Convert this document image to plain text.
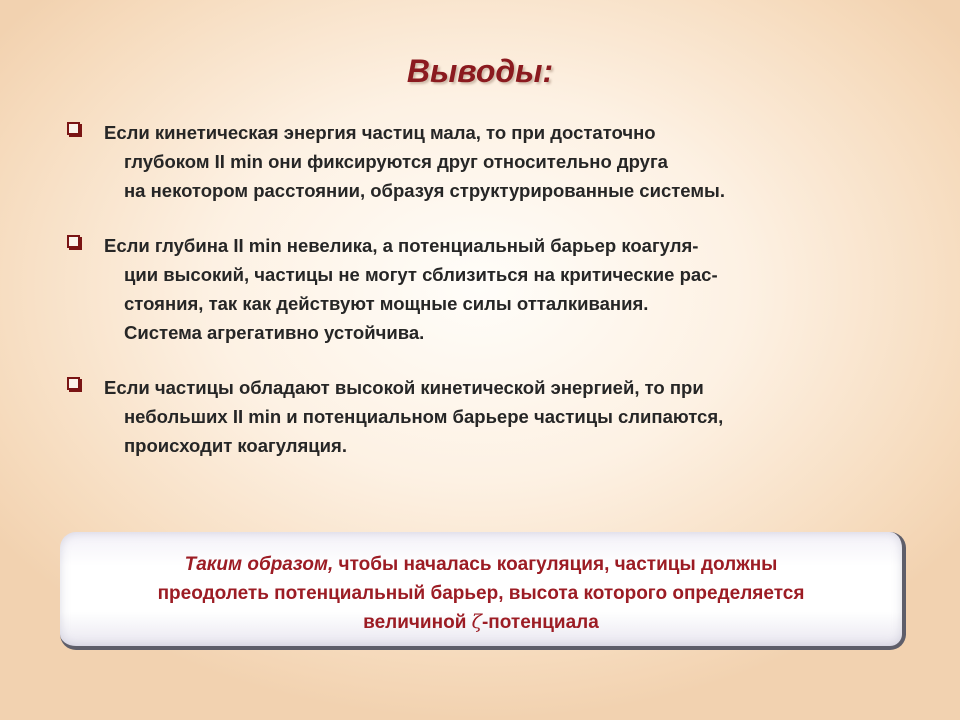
Выводы:

Если кинетическая энергия частиц мала, то при достаточно
глубоком II min они фиксируются друг относительно друга
на некотором расстоянии, образуя структурированные системы.

Если глубина II min невелика, а потенциальный барьер коагуля-
ции высокий, частицы не могут сблизиться на критические рас-
стояния, так как действуют мощные силы отталкивания.
Система агрегативно устойчива.

Если частицы обладают высокой кинетической энергией, то при
небольших II min и потенциальном барьере частицы слипаются,
происходит коагуляция.

Таким образом, чтобы началась коагуляция, частицы должны
преодолеть потенциальный барьер, высота которого определяется
величиной ζ-потенциала
